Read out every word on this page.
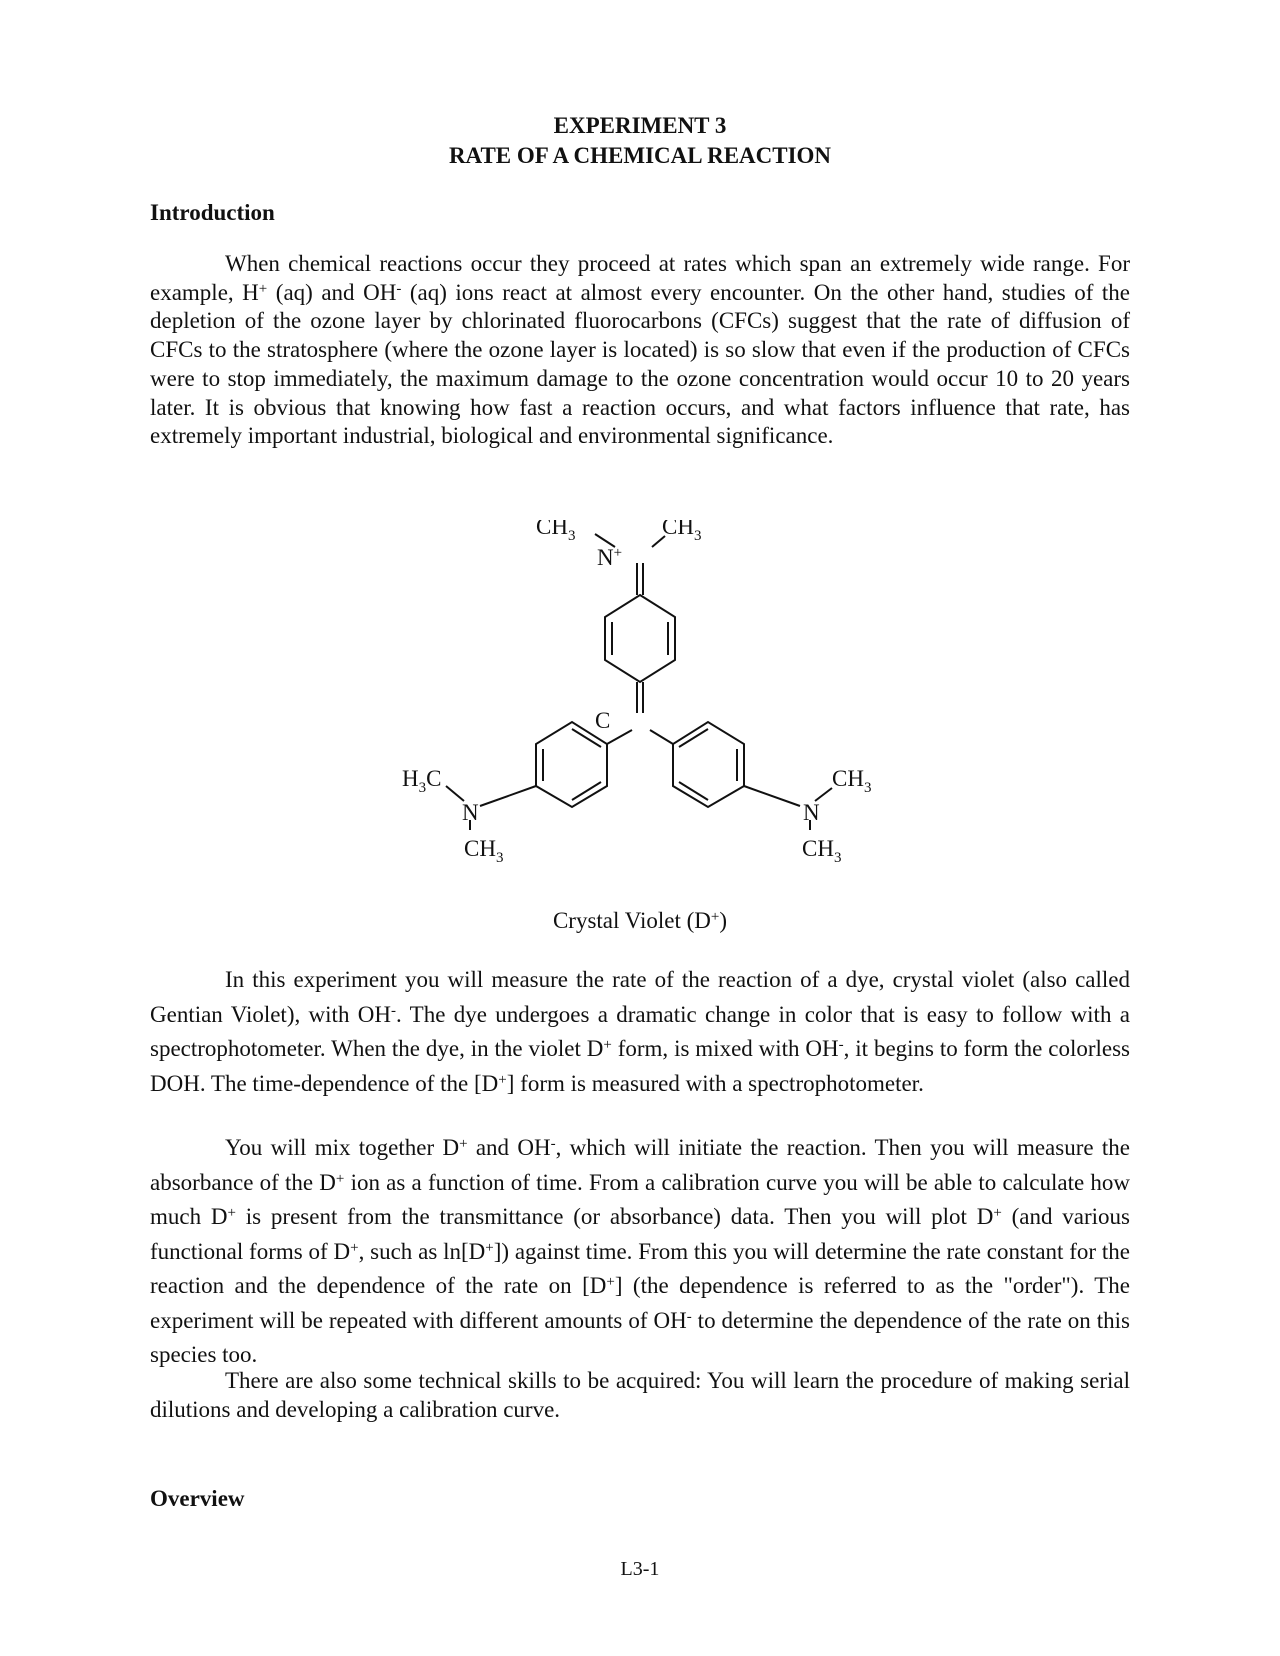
EXPERIMENT 3
RATE OF A CHEMICAL REACTION
Introduction

When chemical reactions occur they proceed at rates which span an extremely wide range. For example, H+ (aq) and OH- (aq) ions react at almost every encounter. On the other hand, studies of the depletion of the ozone layer by chlorinated fluorocarbons (CFCs) suggest that the rate of diffusion of CFCs to the stratosphere (where the ozone layer is located) is so slow that even if the production of CFCs were to stop immediately, the maximum damage to the ozone concentration would occur 10 to 20 years later. It is obvious that knowing how fast a reaction occurs, and what factors influence that rate, has extremely important industrial, biological and environmental significance.

$CH_3$	$CH_3$
N+
C
$H_3C$
N
$CH_3$
N
$CH_3$
$CH_3$
Crystal Violet (D+)

In this experiment you will measure the rate of the reaction of a dye, crystal violet (also called Gentian Violet), with OH-. The dye undergoes a dramatic change in color that is easy to follow with a spectrophotometer. When the dye, in the violet D+ form, is mixed with OH-, it begins to form the colorless DOH. The time-dependence of the [D+] form is measured with a spectrophotometer.

You will mix together D+ and OH-, which will initiate the reaction. Then you will measure the absorbance of the D+ ion as a function of time. From a calibration curve you will be able to calculate how much D+ is present from the transmittance (or absorbance) data. Then you will plot D+ (and various functional forms of D+, such as ln[D+]) against time. From this you will determine the rate constant for the reaction and the dependence of the rate on [D+] (the dependence is referred to as the "order"). The experiment will be repeated with different amounts of OH- to determine the dependence of the rate on this species too.

There are also some technical skills to be acquired: You will learn the procedure of making serial dilutions and developing a calibration curve.

Overview
L3-1
